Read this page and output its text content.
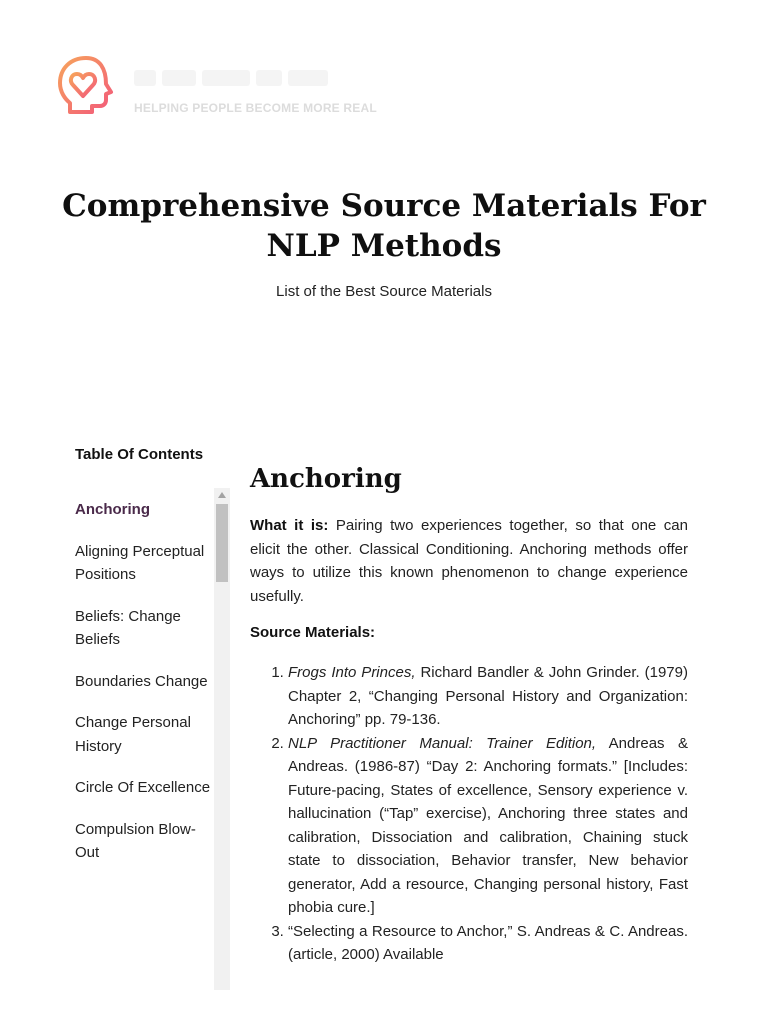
HELPING PEOPLE BECOME MORE REAL
Comprehensive Source Materials For NLP Methods
List of the Best Source Materials
Table Of Contents
Anchoring
Aligning Perceptual Positions
Beliefs: Change Beliefs
Boundaries Change
Change Personal History
Circle Of Excellence
Compulsion Blow-Out
Anchoring

What it is: Pairing two experiences together, so that one can elicit the other. Classical Conditioning. Anchoring methods offer ways to utilize this known phenomenon to change experience usefully.

Source Materials:
1. Frogs Into Princes, Richard Bandler & John Grinder. (1979) Chapter 2, “Changing Personal History and Organization: Anchoring” pp. 79-136.
2. NLP Practitioner Manual: Trainer Edition, Andreas & Andreas. (1986-87) “Day 2: Anchoring formats.” [Includes: Future-pacing, States of excellence, Sensory experience v. hallucination (“Tap” exercise), Anchoring three states and calibration, Dissociation and calibration, Chaining stuck state to dissociation, Behavior transfer, New behavior generator, Add a resource, Changing personal history, Fast phobia cure.]
3. “Selecting a Resource to Anchor,” S. Andreas & C. Andreas. (article, 2000) Available
